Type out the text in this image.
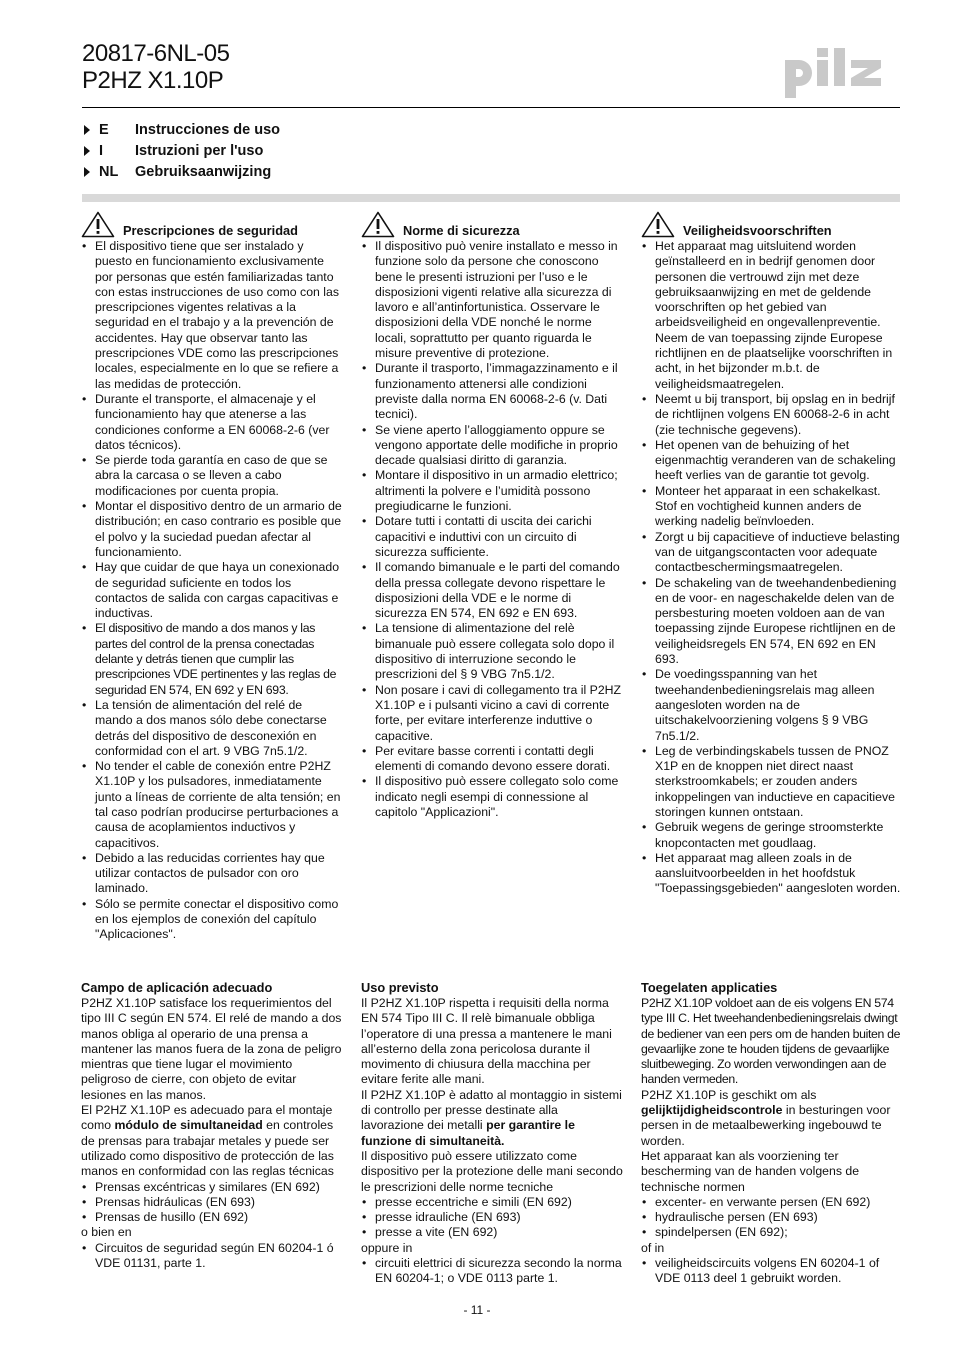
20817-6NL-05
P2HZ X1.10P
E	Instrucciones de uso
I	Istruzioni per l'uso
NL	Gebruiksaanwijzing
Prescripciones de seguridad
• El dispositivo tiene que ser instalado y puesto en funcionamiento exclusivamente por personas que estén familiarizadas tanto con estas instrucciones de uso como con las prescripciones vigentes relativas a la seguridad en el trabajo y a la prevención de accidentes. Hay que observar tanto las prescripciones VDE como las prescripciones locales, especialmente en lo que se refiere a las medidas de protección.
• Durante el transporte, el almacenaje y el funcionamiento hay que atenerse a las condiciones conforme a EN 60068-2-6 (ver datos técnicos).
• Se pierde toda garantía en caso de que se abra la carcasa o se lleven a cabo modificaciones por cuenta propia.
• Montar el dispositivo dentro de un armario de distribución; en caso contrario es posible que el polvo y la suciedad puedan afectar al funcionamiento.
• Hay que cuidar de que haya un conexionado de seguridad suficiente en todos los contactos de salida con cargas capacitivas e inductivas.
• El dispositivo de mando a dos manos y las partes del control de la prensa conectadas delante y detrás tienen que cumplir las prescripciones VDE pertinentes y las reglas de seguridad EN 574, EN 692 y EN 693.
• La tensión de alimentación del relé de mando a dos manos sólo debe conectarse detrás del dispositivo de desconexión en conformidad con el art. 9 VBG 7n5.1/2.
• No tender el cable de conexión entre P2HZ X1.10P y los pulsadores, inmediatamente junto a líneas de corriente de alta tensión; en tal caso podrían producirse perturbaciones a causa de acoplamientos inductivos y capacitivos.
• Debido a las reducidas corrientes hay que utilizar contactos de pulsador con oro laminado.
• Sólo se permite conectar el dispositivo como en los ejemplos de conexión del capítulo "Aplicaciones".
Campo de aplicación adecuado

P2HZ X1.10P satisface los requerimientos del tipo III C según EN 574. El relé de mando a dos manos obliga al operario de una prensa a mantener las manos fuera de la zona de peligro mientras que tiene lugar el movimiento peligroso de cierre, con objeto de evitar lesiones en las manos.

El P2HZ X1.10P es adecuado para el montaje como módulo de simultaneidad en controles de prensas para trabajar metales y puede ser utilizado como dispositivo de protección de las manos en conformidad con las reglas técnicas

• Prensas excéntricas y similares (EN 692)
• Prensas hidráulicas (EN 693)
• Prensas de husillo (EN 692)

o bien en

• Circuitos de seguridad según EN 60204-1 ó VDE 01131, parte 1.
Norme di sicurezza
• Il dispositivo può venire installato e messo in funzione solo da persone che conoscono bene le presenti istruzioni per l’uso e le disposizioni vigenti relative alla sicurezza di lavoro e all’antinfortunistica. Osservare le disposizioni della VDE nonché le norme locali, soprattutto per quanto riguarda le misure preventive di protezione.
• Durante il trasporto, l’immagazzinamento e il funzionamento attenersi alle condizioni previste dalla norma EN 60068-2-6 (v. Dati tecnici).
• Se viene aperto l’alloggiamento oppure se vengono apportate delle modifiche in proprio decade qualsiasi diritto di garanzia.
• Montare il dispositivo in un armadio elettrico; altrimenti la polvere e l’umidità possono pregiudicarne le funzioni.
• Dotare tutti i contatti di uscita dei carichi capacitivi e induttivi con un circuito di sicurezza sufficiente.
• Il comando bimanuale e le parti del comando della pressa collegate devono rispettare le disposizioni della VDE e le norme di sicurezza EN 574, EN 692 e EN 693.
• La tensione di alimentazione del relè bimanuale può essere collegata solo dopo il dispositivo di interruzione secondo le prescrizioni del § 9 VBG 7n5.1/2.
• Non posare i cavi di collegamento tra il P2HZ X1.10P e i pulsanti vicino a cavi di corrente forte, per evitare interferenze induttive o capacitive.
• Per evitare basse correnti i contatti degli elementi di comando devono essere dorati.
• Il dispositivo può essere collegato solo come indicato negli esempi di connessione al capitolo "Applicazioni".
Uso previsto

Il P2HZ X1.10P rispetta i requisiti della norma EN 574 Tipo III C. Il relè bimanuale obbliga l’operatore di una pressa a mantenere le mani all’esterno della zona pericolosa durante il movimento di chiusura della macchina per evitare ferite alle mani.

Il P2HZ X1.10P è adatto al montaggio in sistemi di controllo per presse destinate alla lavorazione dei metalli per garantire le funzione di simultaneità.

Il dispositivo può essere utilizzato come dispositivo per la protezione delle mani secondo le prescrizioni delle norme tecniche

• presse eccentriche e simili (EN 692)
• presse idrauliche (EN 693)
• presse a vite (EN 692)

oppure in

• circuiti elettrici di sicurezza secondo la norma EN 60204-1; o VDE 0113 parte 1.
Veiligheidsvoorschriften
• Het apparaat mag uitsluitend worden geïnstalleerd en in bedrijf genomen door personen die vertrouwd zijn met deze gebruiksaanwijzing en met de geldende voorschriften op het gebied van arbeidsveiligheid en ongevallenpreventie. Neem de van toepassing zijnde Europese richtlijnen en de plaatselijke voorschriften in acht, in het bijzonder m.b.t. de veiligheidsmaatregelen.
• Neemt u bij transport, bij opslag en in bedrijf de richtlijnen volgens EN 60068-2-6 in acht (zie technische gegevens).
• Het openen van de behuizing of het eigenmachtig veranderen van de schakeling heeft verlies van de garantie tot gevolg.
• Monteer het apparaat in een schakelkast. Stof en vochtigheid kunnen anders de werking nadelig beïnvloeden.
• Zorgt u bij capacitieve of inductieve belasting van de uitgangscontacten voor adequate contactbeschermingsmaatregelen.
• De schakeling van de tweehandenbediening en de voor- en nageschakelde delen van de persbesturing moeten voldoen aan de van toepassing zijnde Europese richtlijnen en de veiligheidsregels EN 574, EN 692 en EN 693.
• De voedingsspanning van het tweehandenbedieningsrelais mag alleen aangesloten worden na de uitschakelvoorziening volgens § 9 VBG 7n5.1/2.
• Leg de verbindingskabels tussen de PNOZ X1P en de knoppen niet direct naast sterkstroomkabels; er zouden anders inkoppelingen van inductieve en capacitieve storingen kunnen ontstaan.
• Gebruik wegens de geringe stroomsterkte knopcontacten met goudlaag.
• Het apparaat mag alleen zoals in de aansluitvoorbeelden in het hoofdstuk "Toepassingsgebieden" aangesloten worden.
Toegelaten applicaties

P2HZ X1.10P voldoet aan de eis volgens EN 574 type III C. Het tweehandenbedieningsrelais dwingt de bediener van een pers om de handen buiten de gevaarlijke zone te houden tijdens de gevaarlijke sluitbeweging. Zo worden verwondingen aan de handen vermeden.

P2HZ X1.10P is geschikt om als gelijktijdigheidscontrole in besturingen voor persen in de metaalbewerking ingebouwd te worden.

Het apparaat kan als voorziening ter bescherming van de handen volgens de technische normen

• excenter- en verwante persen (EN 692)
• hydraulische persen (EN 693)
• spindelpersen (EN 692);

of in

• veiligheidscircuits volgens EN 60204-1 of VDE 0113 deel 1 gebruikt worden.
- 11 -
